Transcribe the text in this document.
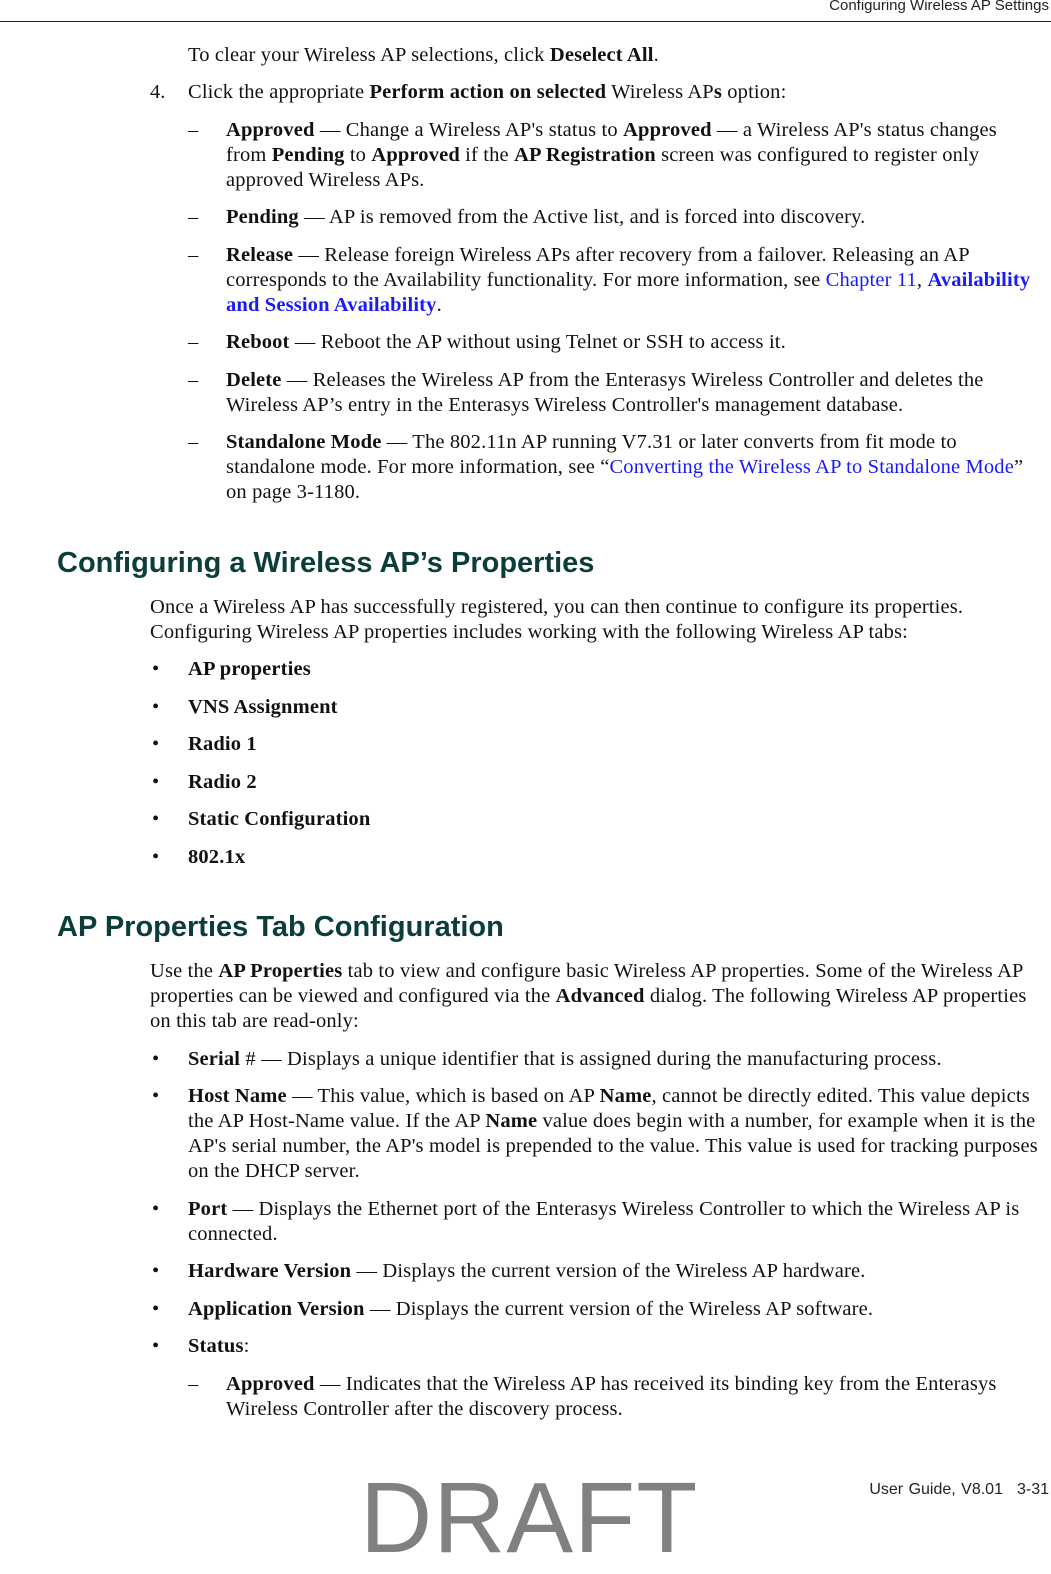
Configuring Wireless AP Settings
To clear your Wireless AP selections, click Deselect All.
4. Click the appropriate Perform action on selected Wireless APs option:
– Approved — Change a Wireless AP's status to Approved — a Wireless AP's status changes from Pending to Approved if the AP Registration screen was configured to register only approved Wireless APs.
– Pending — AP is removed from the Active list, and is forced into discovery.
– Release — Release foreign Wireless APs after recovery from a failover. Releasing an AP corresponds to the Availability functionality. For more information, see Chapter 11, Availability and Session Availability.
– Reboot — Reboot the AP without using Telnet or SSH to access it.
– Delete — Releases the Wireless AP from the Enterasys Wireless Controller and deletes the Wireless AP’s entry in the Enterasys Wireless Controller's management database.
– Standalone Mode — The 802.11n AP running V7.31 or later converts from fit mode to standalone mode. For more information, see “Converting the Wireless AP to Standalone Mode” on page 3-1180.
Configuring a Wireless AP’s Properties
Once a Wireless AP has successfully registered, you can then continue to configure its properties. Configuring Wireless AP properties includes working with the following Wireless AP tabs:
• AP properties
• VNS Assignment
• Radio 1
• Radio 2
• Static Configuration
• 802.1x
AP Properties Tab Configuration
Use the AP Properties tab to view and configure basic Wireless AP properties. Some of the Wireless AP properties can be viewed and configured via the Advanced dialog. The following Wireless AP properties on this tab are read-only:
• Serial # — Displays a unique identifier that is assigned during the manufacturing process.
• Host Name — This value, which is based on AP Name, cannot be directly edited. This value depicts the AP Host-Name value. If the AP Name value does begin with a number, for example when it is the AP's serial number, the AP's model is prepended to the value. This value is used for tracking purposes on the DHCP server.
• Port — Displays the Ethernet port of the Enterasys Wireless Controller to which the Wireless AP is connected.
• Hardware Version — Displays the current version of the Wireless AP hardware.
• Application Version — Displays the current version of the Wireless AP software.
• Status:
– Approved — Indicates that the Wireless AP has received its binding key from the Enterasys Wireless Controller after the discovery process.
DRAFT	User Guide, V8.01 3-31
